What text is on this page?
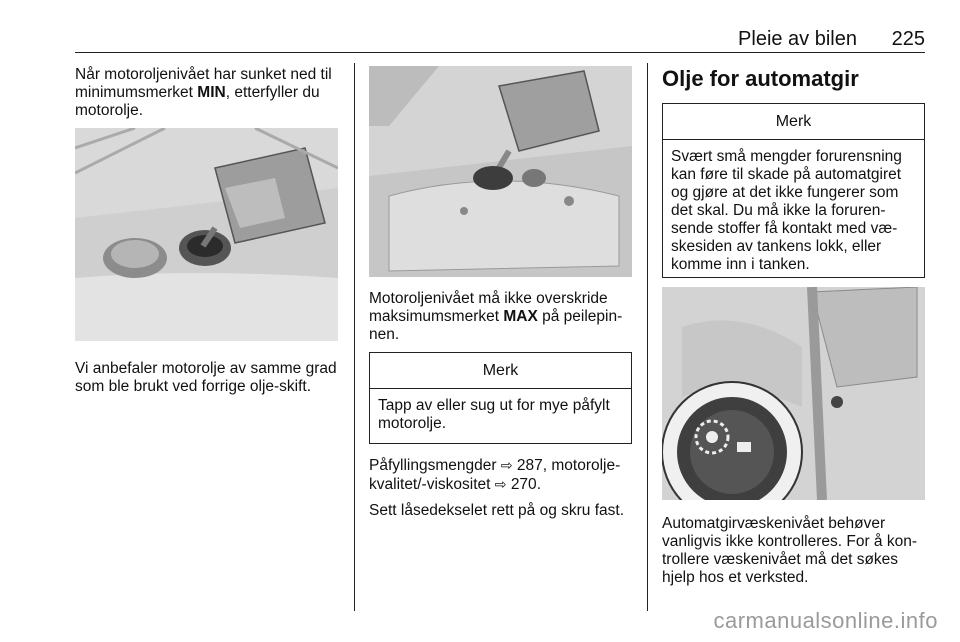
Pleie av bilen 225

Når motoroljenivået har sunket ned til minimumsmerket MIN, etterfyller du motorolje.

Vi anbefaler motorolje av samme grad som ble brukt ved forrige olje-skift.

Motoroljenivået må ikke overskride maksimumsmerket MAX på peilepin-nen.

Merk
Tapp av eller sug ut for mye påfylt motorolje.

Påfyllingsmengder ⇨ 287, motorolje-kvalitet/-viskositet ⇨ 270.

Sett låsedekselet rett på og skru fast.

Olje for automatgir
Merk
Svært små mengder forurensning kan føre til skade på automatgiret og gjøre at det ikke fungerer som det skal. Du må ikke la foruren-sende stoffer få kontakt med væ-skesiden av tankens lokk, eller komme inn i tanken.

Automatgirvæskenivået behøver vanligvis ikke kontrolleres. For å kon-trollere væskenivået må det søkes hjelp hos et verksted.

carmanualsonline.info
